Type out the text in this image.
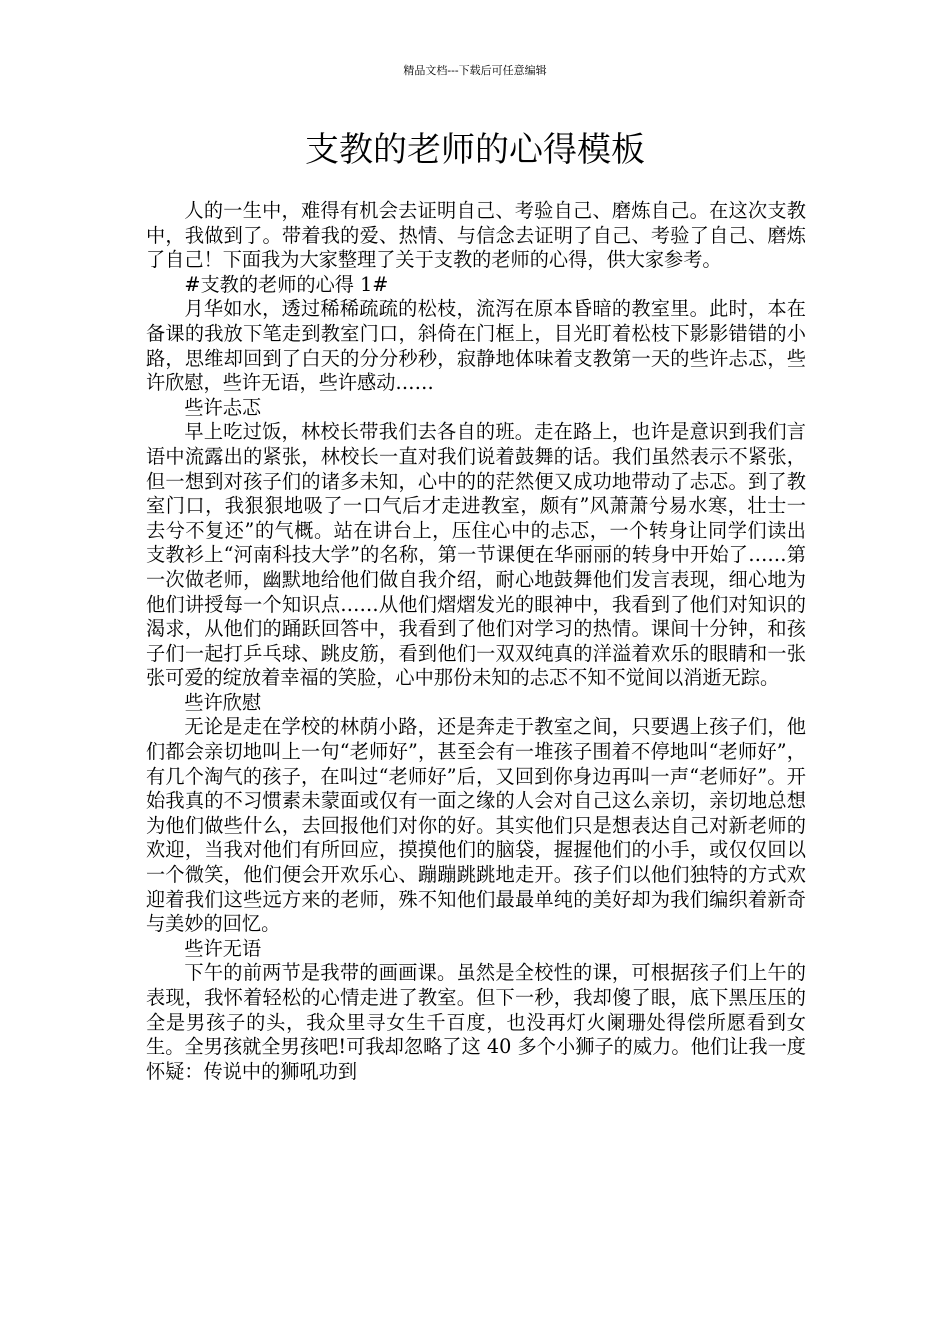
精品文档---下载后可任意编辑
支教的老师的心得模板

人的一生中，难得有机会去证明自己、考验自己、磨炼自己。在这次支教中，我做到了。带着我的爱、热情、与信念去证明了自己、考验了自己、磨炼了自己！下面我为大家整理了关于支教的老师的心得，供大家参考。

#支教的老师的心得 1#

月华如水，透过稀稀疏疏的松枝，流泻在原本昏暗的教室里。此时，本在备课的我放下笔走到教室门口，斜倚在门框上，目光盯着松枝下影影错错的小路，思维却回到了白天的分分秒秒，寂静地体味着支教第一天的些许忐忑，些许欣慰，些许无语，些许感动……

些许忐忑

早上吃过饭，林校长带我们去各自的班。走在路上，也许是意识到我们言语中流露出的紧张，林校长一直对我们说着鼓舞的话。我们虽然表示不紧张，但一想到对孩子们的诸多未知，心中的的茫然便又成功地带动了忐忑。到了教室门口，我狠狠地吸了一口气后才走进教室，颇有”风萧萧兮易水寒，壮士一去兮不复还”的气概。站在讲台上，压住心中的忐忑，一个转身让同学们读出支教衫上“河南科技大学”的名称，第一节课便在华丽丽的转身中开始了……第一次做老师，幽默地给他们做自我介绍，耐心地鼓舞他们发言表现，细心地为他们讲授每一个知识点……从他们熠熠发光的眼神中，我看到了他们对知识的渴求，从他们的踊跃回答中，我看到了他们对学习的热情。课间十分钟，和孩子们一起打乒乓球、跳皮筋，看到他们一双双纯真的洋溢着欢乐的眼睛和一张张可爱的绽放着幸福的笑脸，心中那份未知的忐忑不知不觉间以消逝无踪。

些许欣慰

无论是走在学校的林荫小路，还是奔走于教室之间，只要遇上孩子们，他们都会亲切地叫上一句“老师好”，甚至会有一堆孩子围着不停地叫“老师好”，有几个淘气的孩子，在叫过“老师好”后，又回到你身边再叫一声“老师好”。开始我真的不习惯素未蒙面或仅有一面之缘的人会对自己这么亲切，亲切地总想为他们做些什么，去回报他们对你的好。其实他们只是想表达自己对新老师的欢迎，当我对他们有所回应，摸摸他们的脑袋，握握他们的小手，或仅仅回以一个微笑，他们便会开欢乐心、蹦蹦跳跳地走开。孩子们以他们独特的方式欢迎着我们这些远方来的老师，殊不知他们最最单纯的美好却为我们编织着新奇与美妙的回忆。

些许无语

下午的前两节是我带的画画课。虽然是全校性的课，可根据孩子们上午的表现，我怀着轻松的心情走进了教室。但下一秒，我却傻了眼，底下黑压压的全是男孩子的头，我众里寻女生千百度，也没再灯火阑珊处得偿所愿看到女生。全男孩就全男孩吧!可我却忽略了这 40 多个小狮子的威力。他们让我一度怀疑：传说中的狮吼功到
